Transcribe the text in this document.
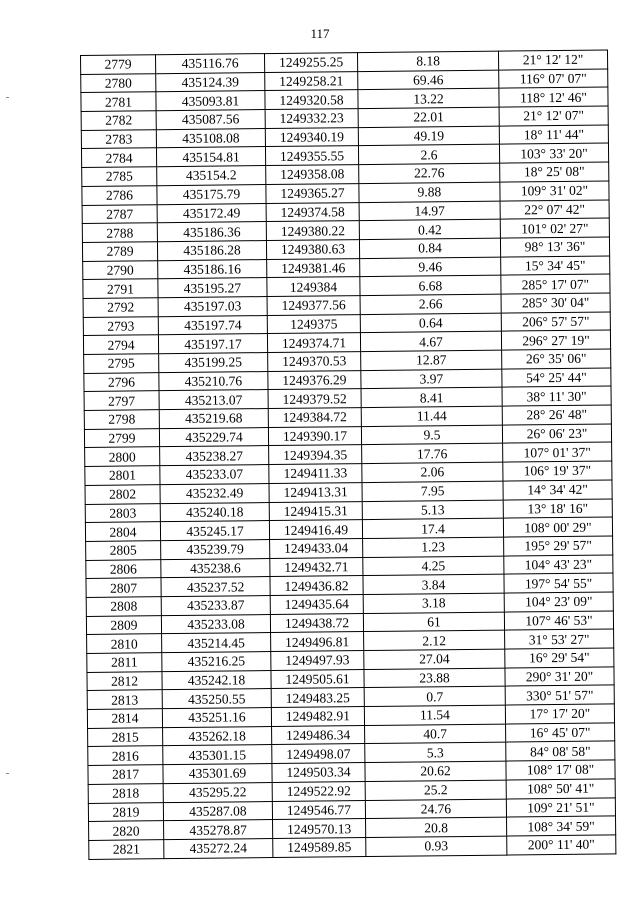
117
2779	435116.76	1249255.25	8.18	21° 12' 12"
2780	435124.39	1249258.21	69.46	116° 07' 07"
2781	435093.81	1249320.58	13.22	118° 12' 46"
2782	435087.56	1249332.23	22.01	21° 12' 07"
2783	435108.08	1249340.19	49.19	18° 11' 44"
2784	435154.81	1249355.55	2.6	103° 33' 20"
2785	435154.2	1249358.08	22.76	18° 25' 08"
2786	435175.79	1249365.27	9.88	109° 31' 02"
2787	435172.49	1249374.58	14.97	22° 07' 42"
2788	435186.36	1249380.22	0.42	101° 02' 27"
2789	435186.28	1249380.63	0.84	98° 13' 36"
2790	435186.16	1249381.46	9.46	15° 34' 45"
2791	435195.27	1249384	6.68	285° 17' 07"
2792	435197.03	1249377.56	2.66	285° 30' 04"
2793	435197.74	1249375	0.64	206° 57' 57"
2794	435197.17	1249374.71	4.67	296° 27' 19"
2795	435199.25	1249370.53	12.87	26° 35' 06"
2796	435210.76	1249376.29	3.97	54° 25' 44"
2797	435213.07	1249379.52	8.41	38° 11' 30"
2798	435219.68	1249384.72	11.44	28° 26' 48"
2799	435229.74	1249390.17	9.5	26° 06' 23"
2800	435238.27	1249394.35	17.76	107° 01' 37"
2801	435233.07	1249411.33	2.06	106° 19' 37"
2802	435232.49	1249413.31	7.95	14° 34' 42"
2803	435240.18	1249415.31	5.13	13° 18' 16"
2804	435245.17	1249416.49	17.4	108° 00' 29"
2805	435239.79	1249433.04	1.23	195° 29' 57"
2806	435238.6	1249432.71	4.25	104° 43' 23"
2807	435237.52	1249436.82	3.84	197° 54' 55"
2808	435233.87	1249435.64	3.18	104° 23' 09"
2809	435233.08	1249438.72	61	107° 46' 53"
2810	435214.45	1249496.81	2.12	31° 53' 27"
2811	435216.25	1249497.93	27.04	16° 29' 54"
2812	435242.18	1249505.61	23.88	290° 31' 20"
2813	435250.55	1249483.25	0.7	330° 51' 57"
2814	435251.16	1249482.91	11.54	17° 17' 20"
2815	435262.18	1249486.34	40.7	16° 45' 07"
2816	435301.15	1249498.07	5.3	84° 08' 58"
2817	435301.69	1249503.34	20.62	108° 17' 08"
2818	435295.22	1249522.92	25.2	108° 50' 41"
2819	435287.08	1249546.77	24.76	109° 21' 51"
2820	435278.87	1249570.13	20.8	108° 34' 59"
2821	435272.24	1249589.85	0.93	200° 11' 40"
